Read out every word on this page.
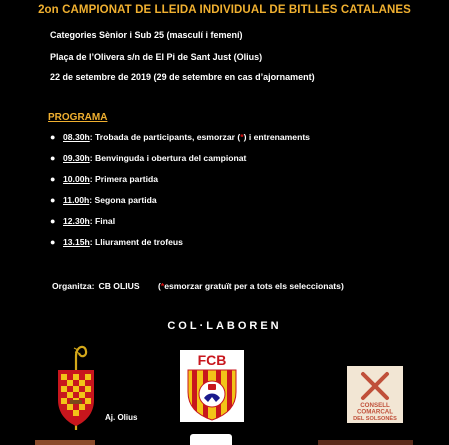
2on CAMPIONAT DE LLEIDA INDIVIDUAL DE BITLLES CATALANES
Categories Sènior i Sub 25 (masculí i femení)
Plaça de l’Olivera s/n de El Pi de Sant Just (Olius)
22 de setembre de 2019 (29 de setembre en cas d’ajornament)
PROGRAMA
● 08.30h: Trobada de participants, esmorzar (*) i entrenaments
● 09.30h: Benvinguda i obertura del campionat
● 10.00h: Primera partida
● 11.00h: Segona partida
● 12.30h: Final
● 13.15h: Lliurament de trofeus
Organitza: CB OLIUS (*esmorzar gratuït per a tots els seleccionats)
COL·LABOREN
Aj. Olius
FCB
CONSELL
COMARCAL
DEL SOLSONÈS
